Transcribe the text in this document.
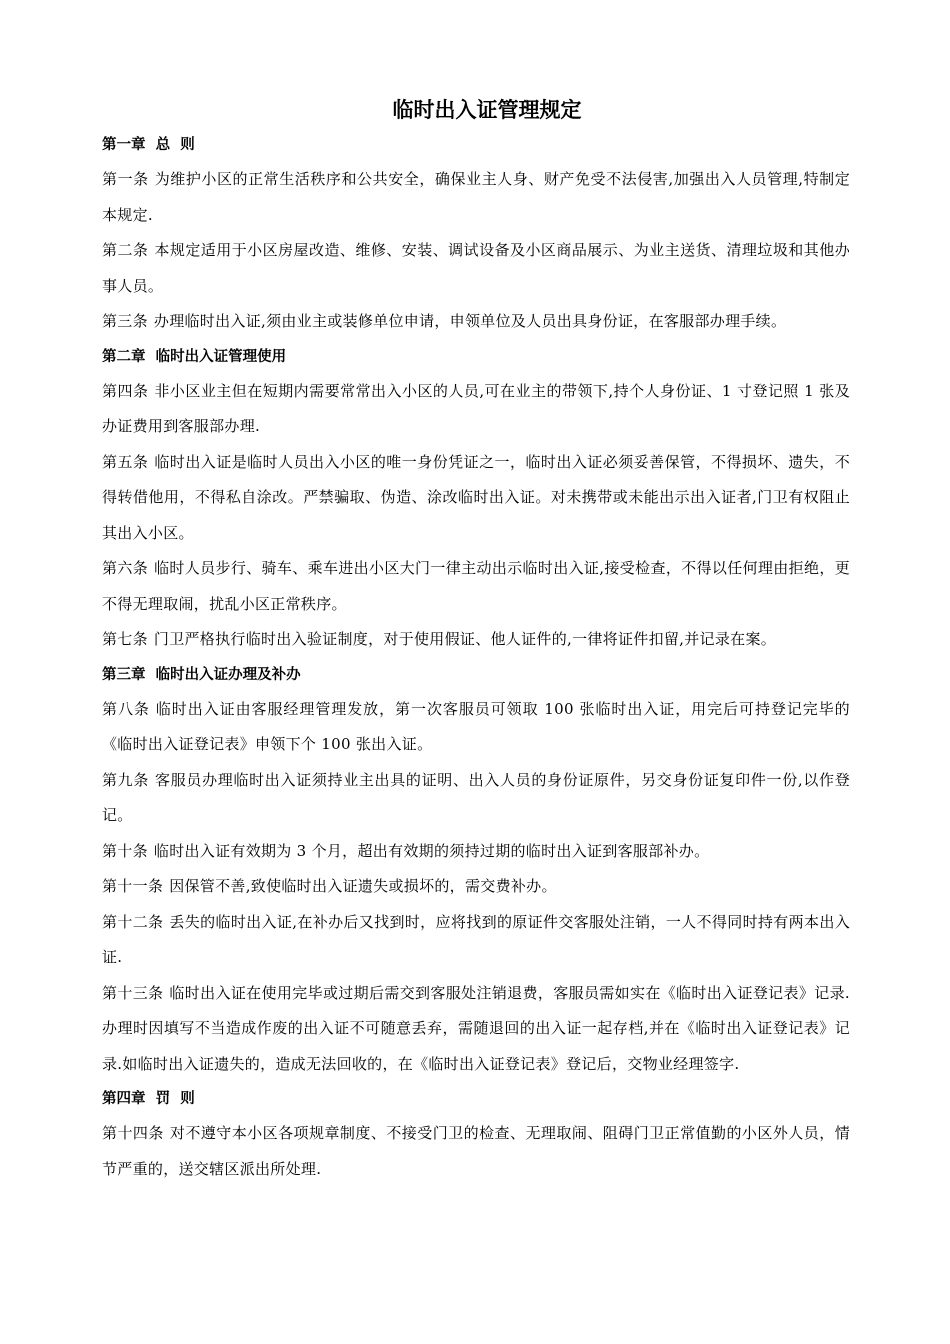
临时出入证管理规定

第一章  总  则

第一条 为维护小区的正常生活秩序和公共安全，确保业主人身、财产免受不法侵害,加强出入人员管理,特制定本规定.

第二条 本规定适用于小区房屋改造、维修、安装、调试设备及小区商品展示、为业主送货、清理垃圾和其他办事人员。

第三条 办理临时出入证,须由业主或装修单位申请，申领单位及人员出具身份证，在客服部办理手续。

第二章  临时出入证管理使用

第四条 非小区业主但在短期内需要常常出入小区的人员,可在业主的带领下,持个人身份证、1 寸登记照 1 张及办证费用到客服部办理.

第五条 临时出入证是临时人员出入小区的唯一身份凭证之一，临时出入证必须妥善保管，不得损坏、遗失，不得转借他用，不得私自涂改。严禁骗取、伪造、涂改临时出入证。对未携带或未能出示出入证者,门卫有权阻止其出入小区。

第六条 临时人员步行、骑车、乘车进出小区大门一律主动出示临时出入证,接受检查，不得以任何理由拒绝，更不得无理取闹，扰乱小区正常秩序。

第七条 门卫严格执行临时出入验证制度，对于使用假证、他人证件的,一律将证件扣留,并记录在案。

第三章  临时出入证办理及补办

第八条 临时出入证由客服经理管理发放，第一次客服员可领取 100 张临时出入证，用完后可持登记完毕的《临时出入证登记表》申领下个 100 张出入证。

第九条 客服员办理临时出入证须持业主出具的证明、出入人员的身份证原件，另交身份证复印件一份,以作登记。

第十条 临时出入证有效期为 3 个月，超出有效期的须持过期的临时出入证到客服部补办。

第十一条 因保管不善,致使临时出入证遗失或损坏的，需交费补办。

第十二条 丢失的临时出入证,在补办后又找到时，应将找到的原证件交客服处注销，一人不得同时持有两本出入证.

第十三条 临时出入证在使用完毕或过期后需交到客服处注销退费，客服员需如实在《临时出入证登记表》记录.办理时因填写不当造成作废的出入证不可随意丢弃，需随退回的出入证一起存档,并在《临时出入证登记表》记录.如临时出入证遗失的，造成无法回收的，在《临时出入证登记表》登记后，交物业经理签字.

第四章  罚  则

第十四条 对不遵守本小区各项规章制度、不接受门卫的检查、无理取闹、阻碍门卫正常值勤的小区外人员，情节严重的，送交辖区派出所处理.
